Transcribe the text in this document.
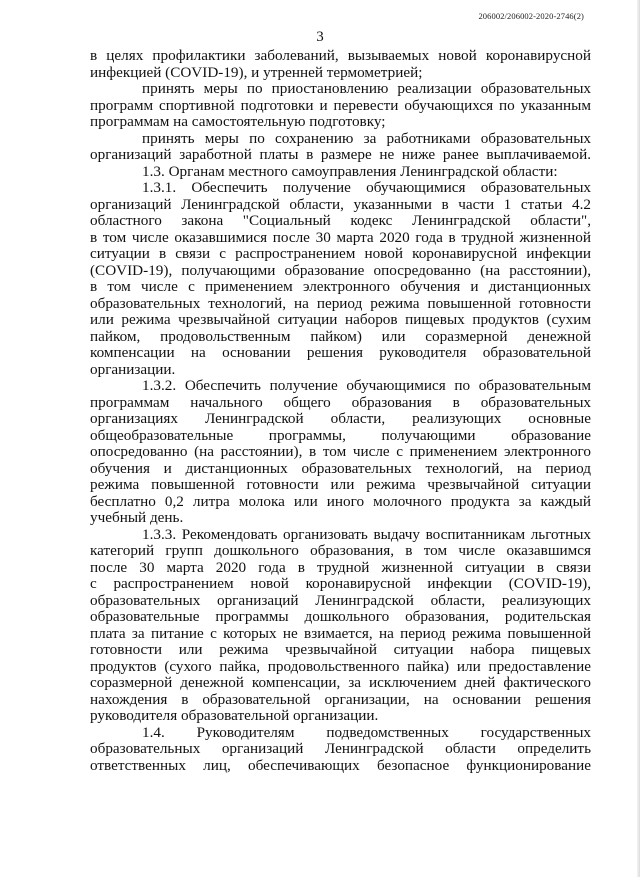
206002/206002-2020-2746(2)
3
в целях профилактики заболеваний, вызываемых новой коронавирусной
инфекцией (COVID-19), и утренней термометрией;
принять меры по приостановлению реализации образовательных
программ спортивной подготовки и перевести обучающихся по указанным
программам на самостоятельную подготовку;
принять меры по сохранению за работниками образовательных
организаций заработной платы в размере не ниже ранее выплачиваемой.
1.3. Органам местного самоуправления Ленинградской области:
1.3.1. Обеспечить получение обучающимися образовательных
организаций Ленинградской области, указанными в части 1 статьи 4.2
областного закона "Социальный кодекс Ленинградской области",
в том числе оказавшимися после 30 марта 2020 года в трудной жизненной
ситуации в связи с распространением новой коронавирусной инфекции
(COVID-19), получающими образование опосредованно (на расстоянии),
в том числе с применением электронного обучения и дистанционных
образовательных технологий, на период режима повышенной готовности
или режима чрезвычайной ситуации наборов пищевых продуктов (сухим
пайком, продовольственным пайком) или соразмерной денежной
компенсации на основании решения руководителя образовательной
организации.
1.3.2. Обеспечить получение обучающимися по образовательным
программам начального общего образования в образовательных
организациях Ленинградской области, реализующих основные
общеобразовательные программы, получающими образование
опосредованно (на расстоянии), в том числе с применением электронного
обучения и дистанционных образовательных технологий, на период
режима повышенной готовности или режима чрезвычайной ситуации
бесплатно 0,2 литра молока или иного молочного продукта за каждый
учебный день.
1.3.3. Рекомендовать организовать выдачу воспитанникам льготных
категорий групп дошкольного образования, в том числе оказавшимся
после 30 марта 2020 года в трудной жизненной ситуации в связи
с распространением новой коронавирусной инфекции (COVID-19),
образовательных организаций Ленинградской области, реализующих
образовательные программы дошкольного образования, родительская
плата за питание с которых не взимается, на период режима повышенной
готовности или режима чрезвычайной ситуации набора пищевых
продуктов (сухого пайка, продовольственного пайка) или предоставление
соразмерной денежной компенсации, за исключением дней фактического
нахождения в образовательной организации, на основании решения
руководителя образовательной организации.
1.4. Руководителям подведомственных государственных
образовательных организаций Ленинградской области определить
ответственных лиц, обеспечивающих безопасное функционирование
